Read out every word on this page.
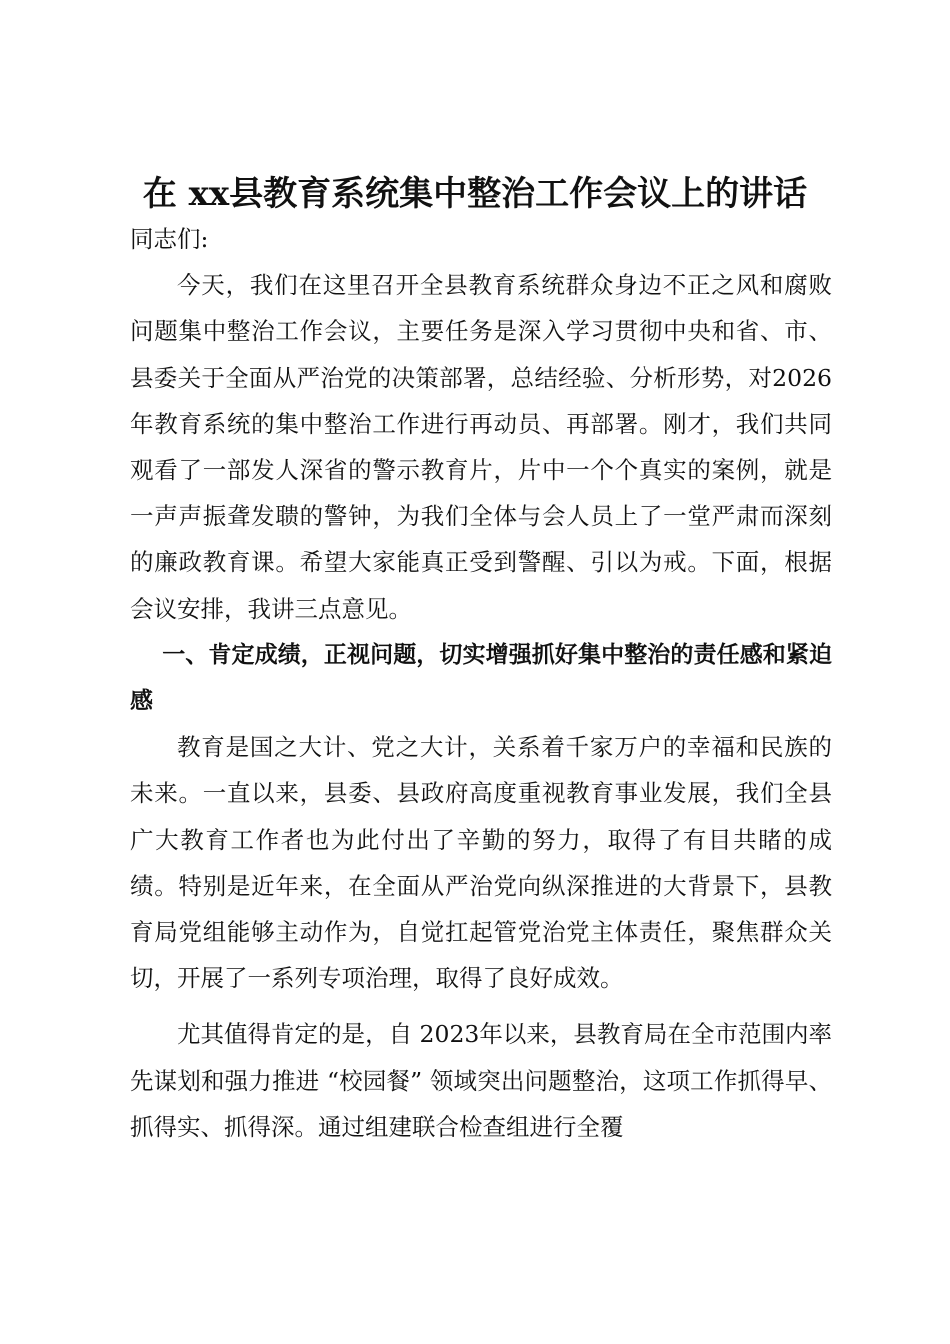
在 xx县教育系统集中整治工作会议上的讲话

同志们:

今天，我们在这里召开全县教育系统群众身边不正之风和腐败问题集中整治工作会议，主要任务是深入学习贯彻中央和省、市、县委关于全面从严治党的决策部署，总结经验、分析形势，对2026年教育系统的集中整治工作进行再动员、再部署。刚才，我们共同观看了一部发人深省的警示教育片，片中一个个真实的案例，就是一声声振聋发聩的警钟，为我们全体与会人员上了一堂严肃而深刻的廉政教育课。希望大家能真正受到警醒、引以为戒。下面，根据会议安排，我讲三点意见。

一、肯定成绩，正视问题，切实增强抓好集中整治的责任感和紧迫感

教育是国之大计、党之大计，关系着千家万户的幸福和民族的未来。一直以来，县委、县政府高度重视教育事业发展，我们全县广大教育工作者也为此付出了辛勤的努力，取得了有目共睹的成绩。特别是近年来，在全面从严治党向纵深推进的大背景下，县教育局党组能够主动作为，自觉扛起管党治党主体责任，聚焦群众关切，开展了一系列专项治理，取得了良好成效。

尤其值得肯定的是，自 2023年以来，县教育局在全市范围内率先谋划和强力推进 “校园餐” 领域突出问题整治，这项工作抓得早、抓得实、抓得深。通过组建联合检查组进行全覆
